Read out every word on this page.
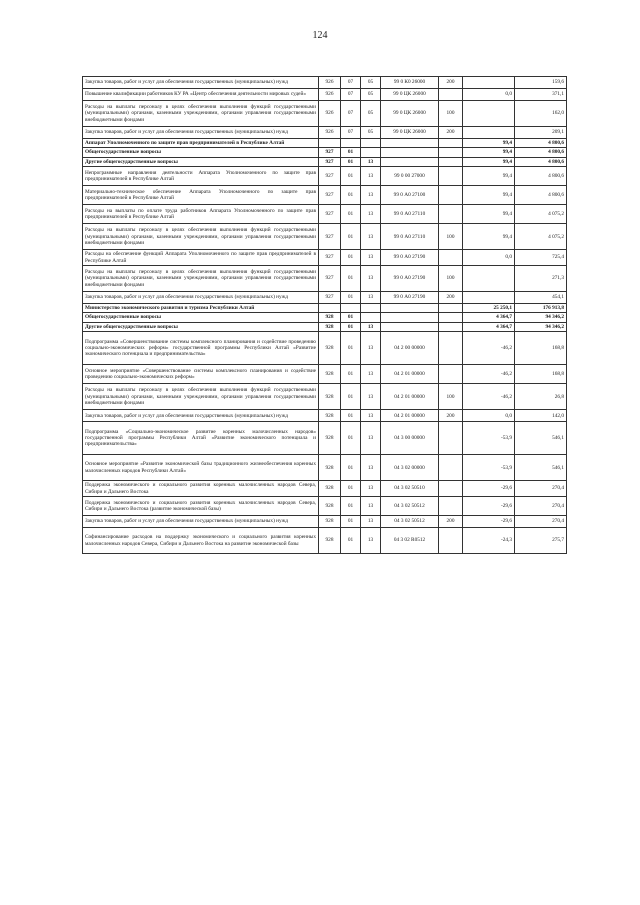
124
Закупка товаров, работ и услуг для обеспечения государственных (муниципальных) нужд	926	07	05	99 0 К0 26000	200		159,6
Повышение квалификации работников КУ РА «Центр обеспечения деятельности мировых судей»	926	07	05	99 0 ЦК 26000		0,0	371,1
Расходы на выплаты персоналу в целях обеспечения выполнения функций государственными (муниципальными) органами, казенными учреждениями, органами управления государственными внебюджетными фондами	926	07	05	99 0 ЦК 26000	100		162,0
Закупка товаров, работ и услуг для обеспечения государственных (муниципальных) нужд	926	07	05	99 0 ЦК 26000	200		209,1
Аппарат Уполномоченного по защите прав предпринимателей в Республике Алтай						99,4	4 800,6
Общегосударственные вопросы	927	01				99,4	4 800,6
Другие общегосударственные вопросы	927	01	13			99,4	4 800,6
Непрограммные направления деятельности Аппарата Уполномоченного по защите прав предпринимателей в Республике Алтай	927	01	13	99 0 00 27000		99,4	4 800,6
Материально-техническое обеспечение Аппарата Уполномоченного по защите прав предпринимателей в Республике Алтай	927	01	13	99 0 А0 27100		99,4	4 800,6
Расходы на выплаты по оплате труда работников Аппарата Уполномоченного по защите прав предпринимателей в Республике Алтай	927	01	13	99 0 А0 27110		99,4	4 075,2
Расходы на выплаты персоналу в целях обеспечения выполнения функций государственными (муниципальными) органами, казенными учреждениями, органами управления государственными внебюджетными фондами	927	01	13	99 0 А0 27110	100	99,4	4 075,2
Расходы на обеспечение функций Аппарата Уполномоченного по защите прав предпринимателей в Республике Алтай	927	01	13	99 0 А0 27190		0,0	725,4
Расходы на выплаты персоналу в целях обеспечения выполнения функций государственными (муниципальными) органами, казенными учреждениями, органами управления государственными внебюджетными фондами	927	01	13	99 0 А0 27190	100		271,3
Закупка товаров, работ и услуг для обеспечения государственных (муниципальных) нужд	927	01	13	99 0 А0 27190	200		454,1
Министерство экономического развития и туризма Республики Алтай						25 250,1	176 913,8
Общегосударственные вопросы	928	01				4 364,7	94 346,2
Другие общегосударственные вопросы	928	01	13			4 364,7	94 346,2
Подпрограмма «Совершенствование системы комплексного планирования и содействие проведению социально-экономических реформ» государственной программы Республики Алтай «Развитие экономического потенциала и предпринимательства»	928	01	13	04 2 00 00000		-46,2	168,8
Основное мероприятие «Совершенствование системы комплексного планирования и содействие проведению социально-экономических реформ»	928	01	13	04 2 01 00000		-46,2	168,8
Расходы на выплаты персоналу в целях обеспечения выполнения функций государственными (муниципальными) органами, казенными учреждениями, органами управления государственными внебюджетными фондами	928	01	13	04 2 01 00000	100	-46,2	26,8
Закупка товаров, работ и услуг для обеспечения государственных (муниципальных) нужд	928	01	13	04 2 01 00000	200	0,0	142,0
Подпрограмма «Социально-экономическое развитие коренных малочисленных народов» государственной программы Республики Алтай «Развитие экономического потенциала и предпринимательства»	928	01	13	04 3 00 00000		-53,9	546,1
Основное мероприятие «Развитие экономической базы традиционного жизнеобеспечения коренных малочисленных народов Республики Алтай»	928	01	13	04 3 02 00000		-53,9	546,1
Поддержка экономического и социального развития коренных малочисленных народов Севера, Сибири и Дальнего Востока	928	01	13	04 3 02 50510		-29,6	270,4
Поддержка экономического и социального развития коренных малочисленных народов Севера, Сибири и Дальнего Востока (развитие экономической базы)	928	01	13	04 3 02 50512		-29,6	270,4
Закупка товаров, работ и услуг для обеспечения государственных (муниципальных) нужд	928	01	13	04 3 02 50512	200	-29,6	270,4
Софинансирование расходов на поддержку экономического и социального развития коренных малочисленных народов Севера, Сибири и Дальнего Востока на развитие экономической базы	928	01	13	04 3 02 R0512		-24,3	275,7
